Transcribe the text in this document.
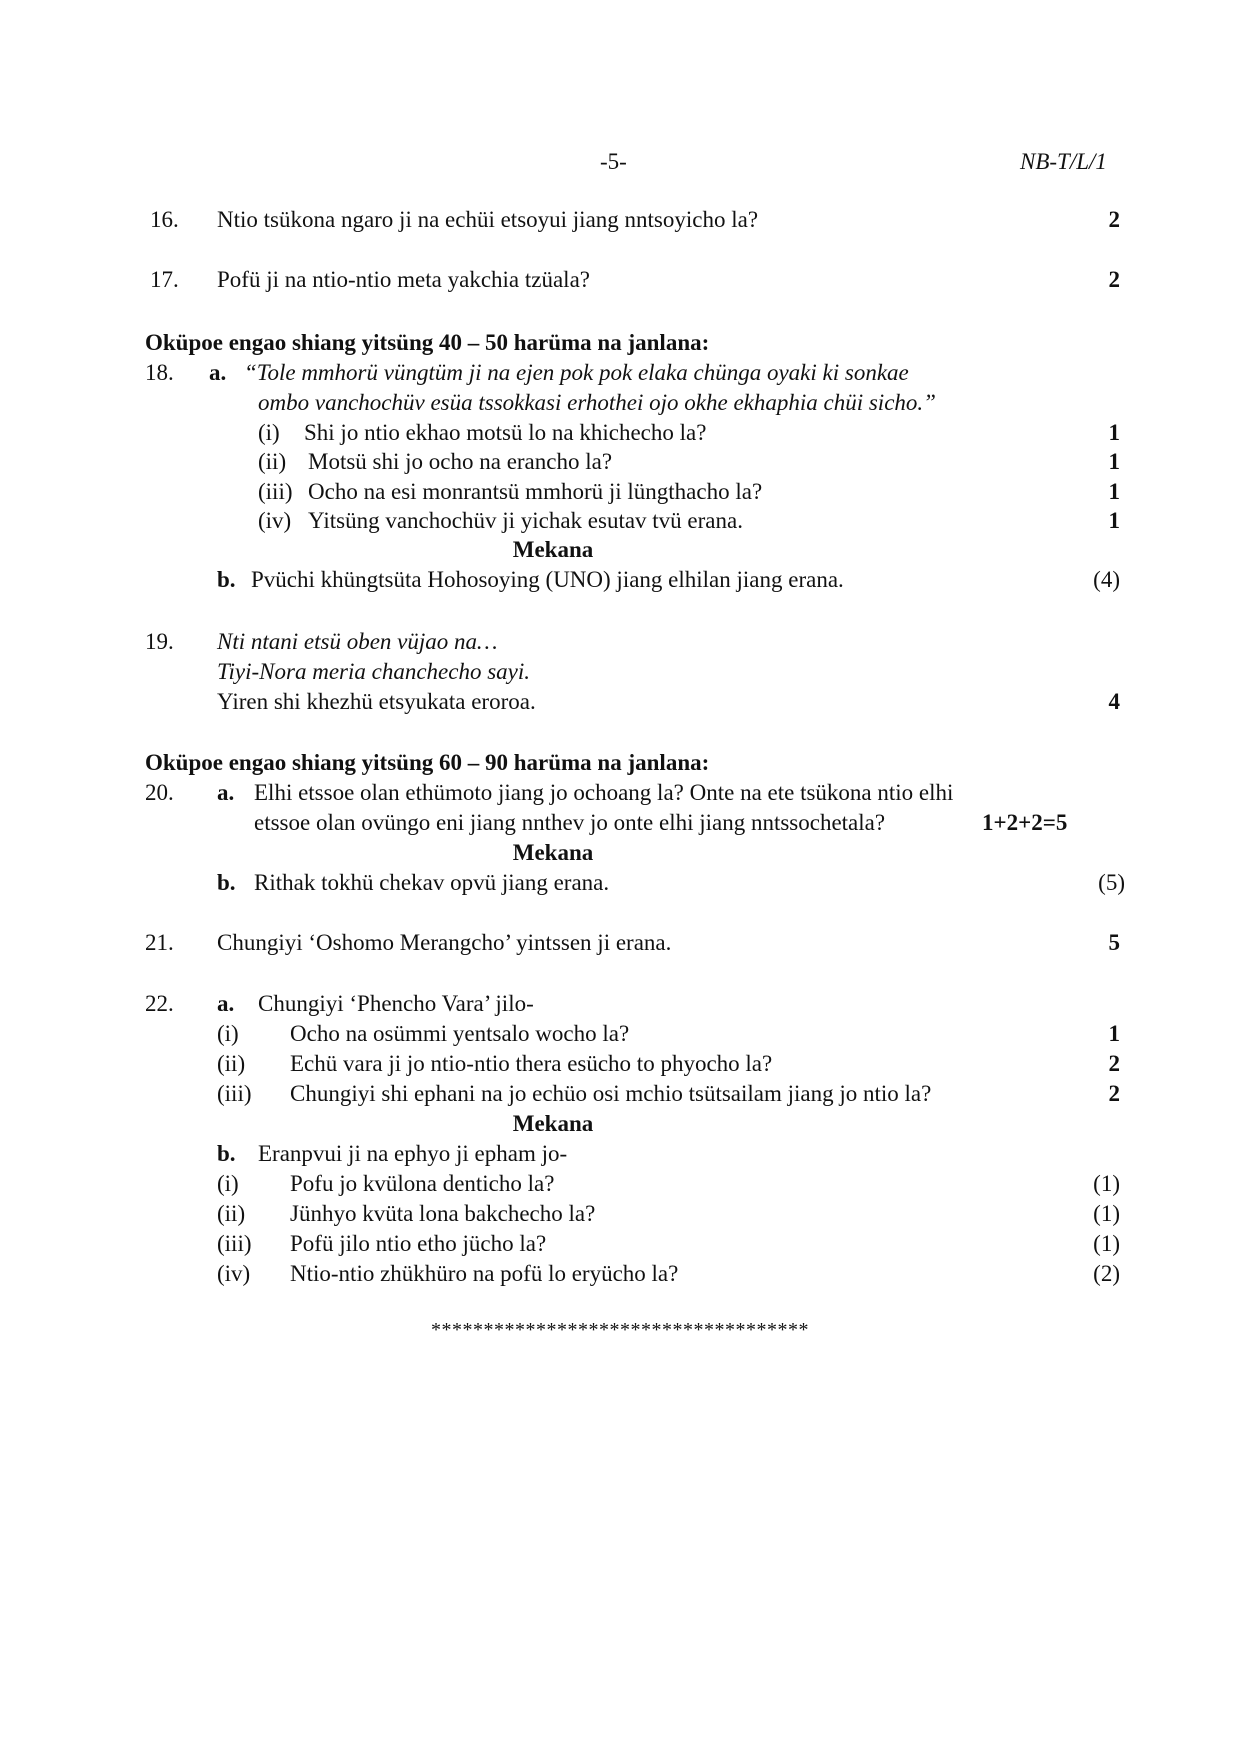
-5-	NB-T/L/1
16. Ntio tsükona ngaro ji na echüi etsoyui jiang nntsoyicho la?	2
17. Pofü ji na ntio-ntio meta yakchia tzüala?	2
Oküpoe engao shiang yitsüng 40 – 50 harüma na janlana:
18. a. “Tole mmhorü vüngtüm ji na ejen pok pok elaka chünga oyaki ki sonkae
ombo vanchochüv esüa tssokkasi erhothei ojo okhe ekhaphia chüi sicho.”
(i) Shi jo ntio ekhao motsü lo na khichecho la?	1
(ii) Motsü shi jo ocho na erancho la?	1
(iii) Ocho na esi monrantsü mmhorü ji lüngthacho la?	1
(iv) Yitsüng vanchochüv ji yichak esutav tvü erana.	1
Mekana
b. Pvüchi khüngtsüta Hohosoying (UNO) jiang elhilan jiang erana.	(4)
19. Nti ntani etsü oben vüjao na…
Tiyi-Nora meria chanchecho sayi.
Yiren shi khezhü etsyukata eroroa.	4
Oküpoe engao shiang yitsüng 60 – 90 harüma na janlana:
20. a. Elhi etssoe olan ethümoto jiang jo ochoang la? Onte na ete tsükona ntio elhi
etssoe olan ovüngo eni jiang nnthev jo onte elhi jiang nntssochetala?	1+2+2=5
Mekana
b. Rithak tokhü chekav opvü jiang erana.	(5)
21. Chungiyi ‘Oshomo Merangcho’ yintssen ji erana.	5
22. a. Chungiyi ‘Phencho Vara’ jilo-
(i) Ocho na osümmi yentsalo wocho la?	1
(ii) Echü vara ji jo ntio-ntio thera esücho to phyocho la?	2
(iii) Chungiyi shi ephani na jo echüo osi mchio tsütsailam jiang jo ntio la?	2
Mekana
b. Eranpvui ji na ephyo ji epham jo-
(i) Pofu jo kvülona denticho la?	(1)
(ii) Jünhyo kvüta lona bakchecho la?	(1)
(iii) Pofü jilo ntio etho jücho la?	(1)
(iv) Ntio-ntio zhükhüro na pofü lo eryücho la?	(2)
************************************
